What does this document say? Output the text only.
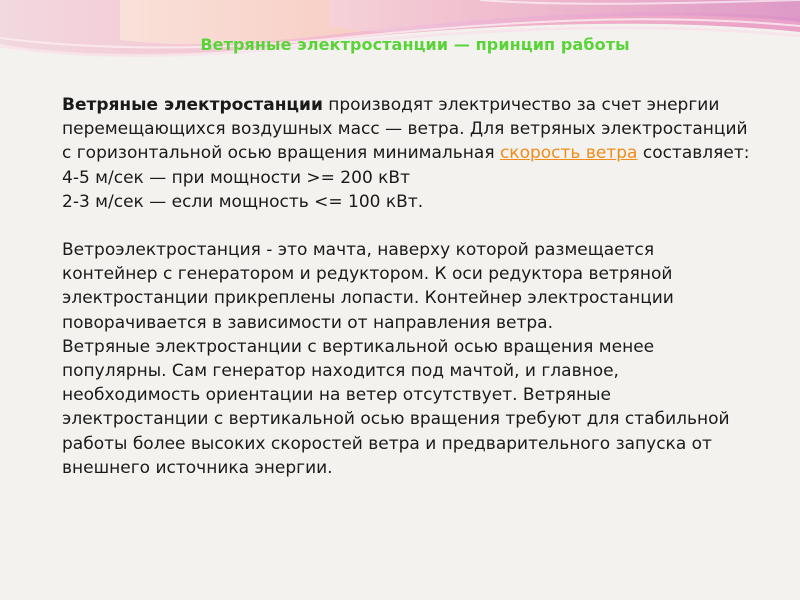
Ветряные электростанции — принцип работы

Ветряные электростанции производят электричество за счет энергии перемещающихся воздушных масс — ветра. Для ветряных электростанций с горизонтальной осью вращения минимальная скорость ветра составляет:

4-5 м/сек — при мощности >= 200 кВт

2-3 м/сек — если мощность <= 100 кВт.

Ветроэлектростанция - это мачта, наверху которой размещается контейнер с генератором и редуктором. К оси редуктора ветряной электростанции прикреплены лопасти. Контейнер электростанции поворачивается в зависимости от направления ветра.

Ветряные электростанции с вертикальной осью вращения менее популярны. Сам генератор находится под мачтой, и главное, необходимость ориентации на ветер отсутствует. Ветряные электростанции с вертикальной осью вращения требуют для стабильной работы более высоких скоростей ветра и предварительного запуска от внешнего источника энергии.
